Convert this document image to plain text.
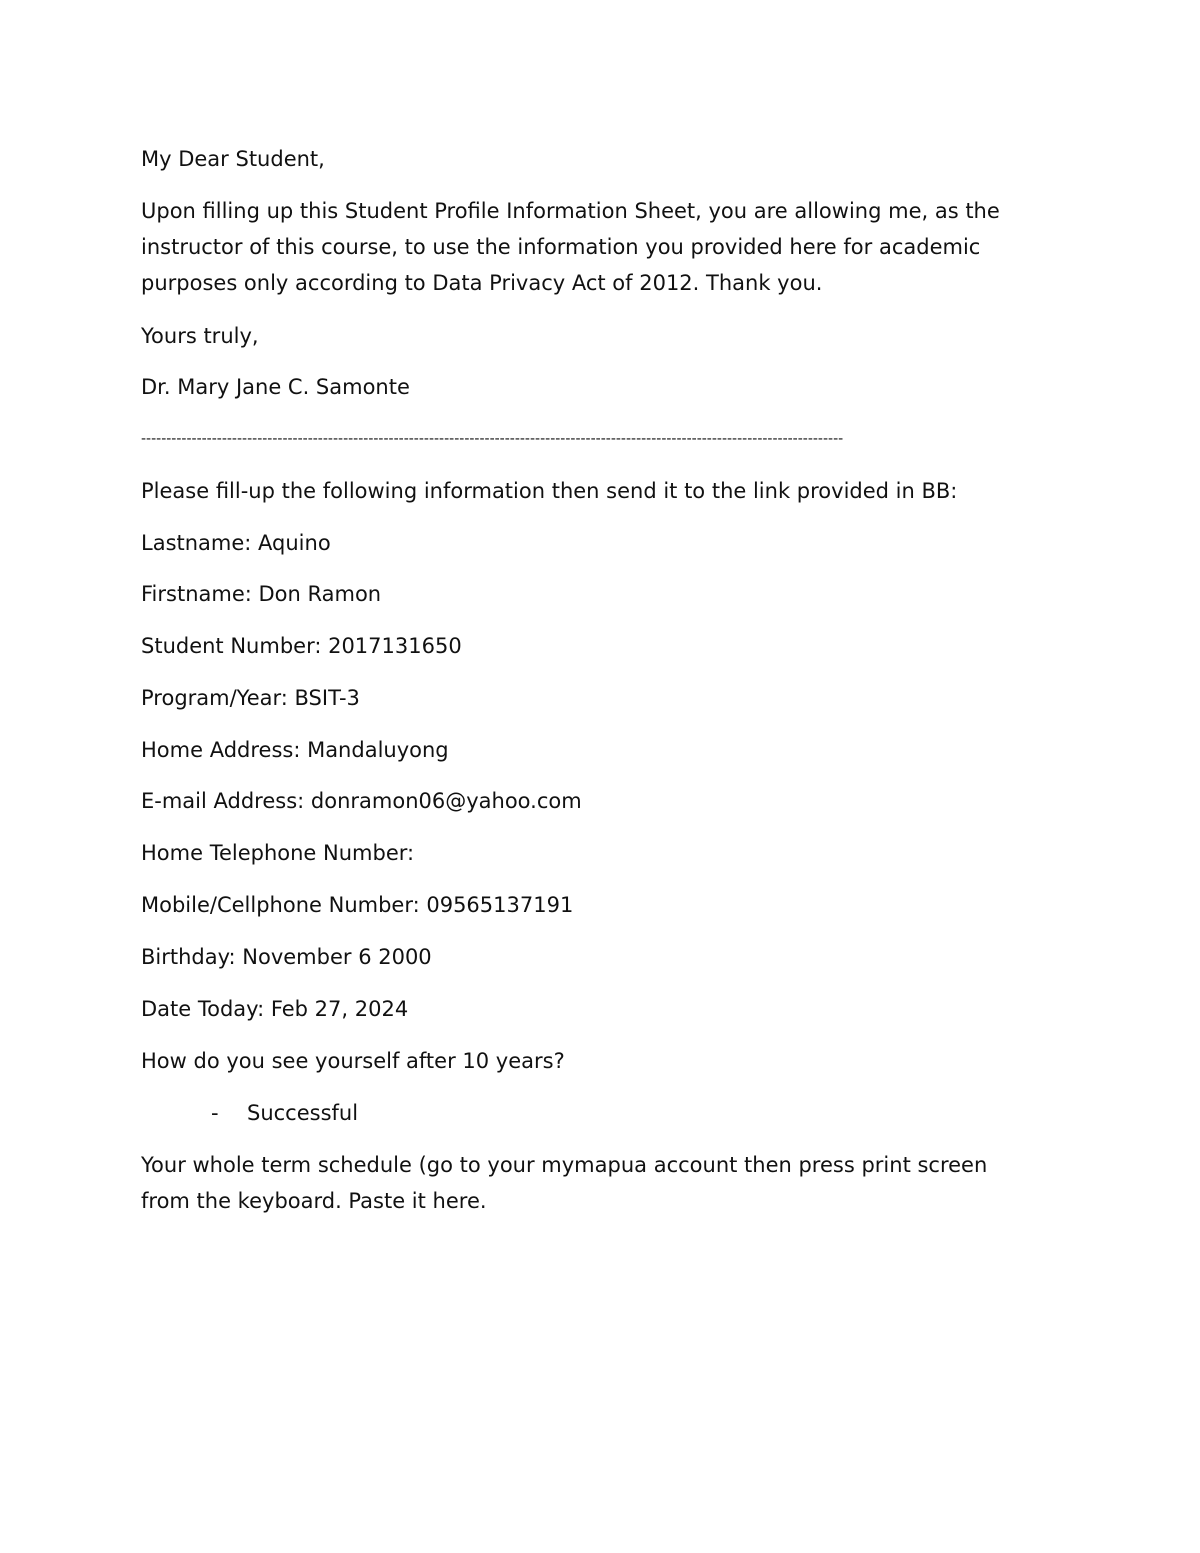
My Dear Student,

Upon filling up this Student Profile Information Sheet, you are allowing me, as the
instructor of this course, to use the information you provided here for academic
purposes only according to Data Privacy Act of 2012. Thank you.

Yours truly,

Dr. Mary Jane C. Samonte

-------------------------------------------------------------------------------------------------------------------------------------------

Please fill-up the following information then send it to the link provided in BB:

Lastname: Aquino

Firstname: Don Ramon

Student Number: 2017131650

Program/Year: BSIT-3

Home Address: Mandaluyong

E-mail Address: donramon06@yahoo.com

Home Telephone Number:

Mobile/Cellphone Number: 09565137191

Birthday: November 6 2000

Date Today: Feb 27, 2024

How do you see yourself after 10 years?

- Successful

Your whole term schedule (go to your mymapua account then press print screen
from the keyboard. Paste it here.
